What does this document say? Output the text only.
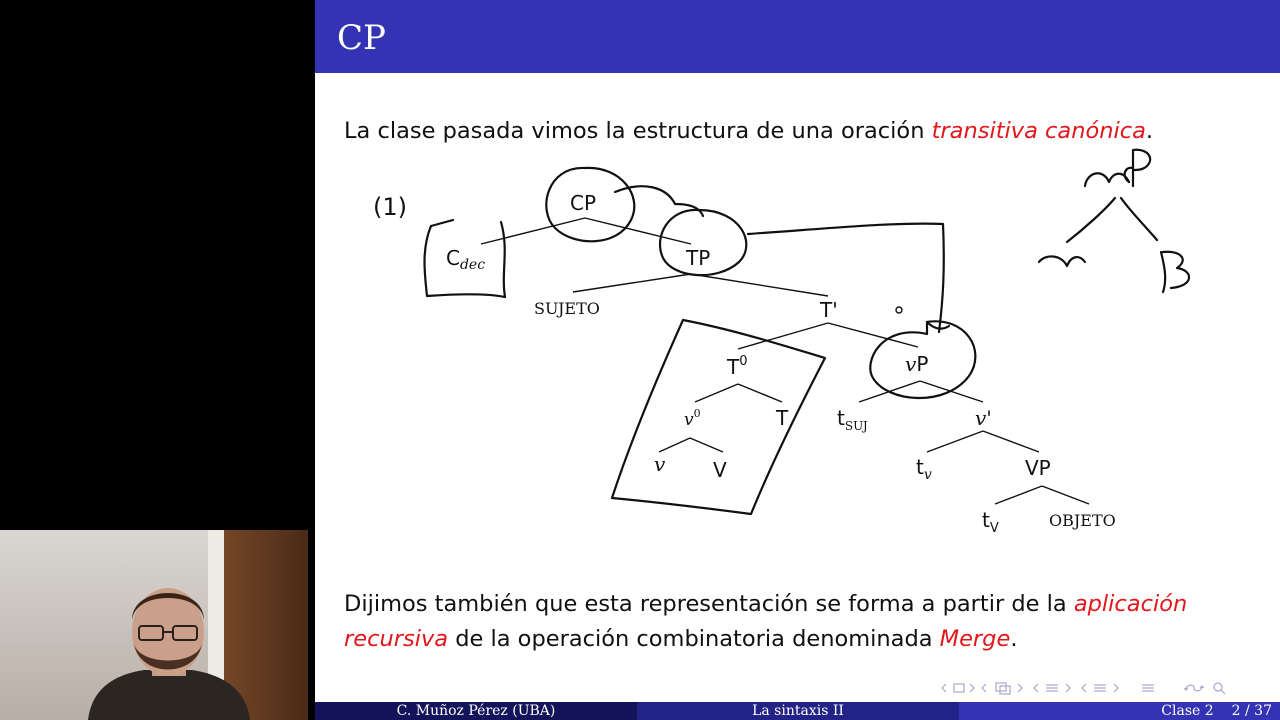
CP
La clase pasada vimos la estructura de una oración transitiva canónica.
(1)	CP
$C_{dec}$	TP
SUJETO	T'
$T^0$	vP
$v^0$	T $t_{SUJ}$	v'
v V	$t_v$	VP
$t_V$	OBJETO
Dijimos también que esta representación se forma a partir de la aplicación
recursiva de la operación combinatoria denominada Merge.
C. Muñoz Pérez (UBA)	La sintaxis II	Clase 2 2 / 37
